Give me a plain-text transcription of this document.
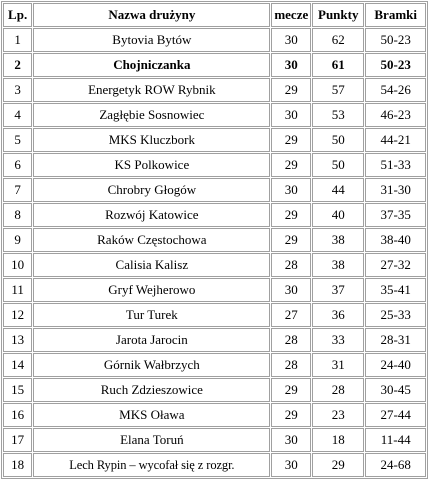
Lp.	Nazwa drużyny	mecze	Punkty	Bramki
1	Bytovia Bytów	30	62	50-23
2	Chojniczanka	30	61	50-23
3	Energetyk ROW Rybnik	29	57	54-26
4	Zagłębie Sosnowiec	30	53	46-23
5	MKS Kluczbork	29	50	44-21
6	KS Polkowice	29	50	51-33
7	Chrobry Głogów	30	44	31-30
8	Rozwój Katowice	29	40	37-35
9	Raków Częstochowa	29	38	38-40
10	Calisia Kalisz	28	38	27-32
11	Gryf Wejherowo	30	37	35-41
12	Tur Turek	27	36	25-33
13	Jarota Jarocin	28	33	28-31
14	Górnik Wałbrzych	28	31	24-40
15	Ruch Zdzieszowice	29	28	30-45
16	MKS Oława	29	23	27-44
17	Elana Toruń	30	18	11-44
18	Lech Rypin – wycofał się z rozgr.	30	29	24-68
